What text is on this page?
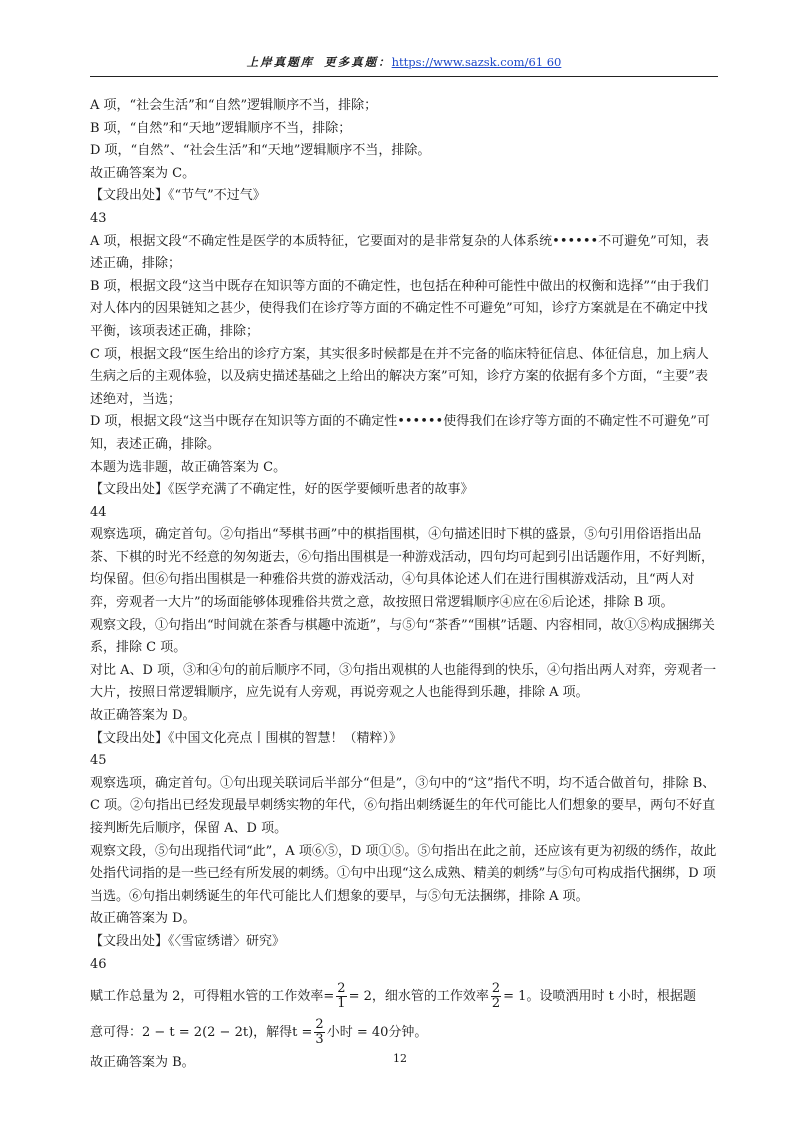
上岸真题库 更多真题：https://www.sazsk.com/61 60

A 项，“社会生活”和“自然”逻辑顺序不当，排除；

B 项，“自然”和“天地”逻辑顺序不当，排除；

D 项，“自然”、“社会生活”和“天地”逻辑顺序不当，排除。

故正确答案为 C。

【文段出处】《“节气”不过气》

43

A 项，根据文段“不确定性是医学的本质特征，它要面对的是非常复杂的人体系统••••••不可避免”可知，表述正确，排除；

B 项，根据文段“这当中既存在知识等方面的不确定性，也包括在种种可能性中做出的权衡和选择”“由于我们对人体内的因果链知之甚少，使得我们在诊疗等方面的不确定性不可避免”可知，诊疗方案就是在不确定中找平衡，该项表述正确，排除；

C 项，根据文段“医生给出的诊疗方案，其实很多时候都是在并不完备的临床特征信息、体征信息，加上病人生病之后的主观体验，以及病史描述基础之上给出的解决方案”可知，诊疗方案的依据有多个方面，“主要”表述绝对，当选；

D 项，根据文段“这当中既存在知识等方面的不确定性••••••使得我们在诊疗等方面的不确定性不可避免”可知，表述正确，排除。

本题为选非题，故正确答案为 C。

【文段出处】《医学充满了不确定性，好的医学要倾听患者的故事》

44

观察选项，确定首句。②句指出“琴棋书画”中的棋指围棋，④句描述旧时下棋的盛景，⑤句引用俗语指出品茶、下棋的时光不经意的匆匆逝去，⑥句指出围棋是一种游戏活动，四句均可起到引出话题作用，不好判断，均保留。但⑥句指出围棋是一种雅俗共赏的游戏活动，④句具体论述人们在进行围棋游戏活动，且“两人对弈，旁观者一大片”的场面能够体现雅俗共赏之意，故按照日常逻辑顺序④应在⑥后论述，排除 B 项。

观察文段，①句指出“时间就在茶香与棋趣中流逝”，与⑤句“茶香”“围棋”话题、内容相同，故①⑤构成捆绑关系，排除 C 项。

对比 A、D 项，③和④句的前后顺序不同，③句指出观棋的人也能得到的快乐，④句指出两人对弈，旁观者一大片，按照日常逻辑顺序，应先说有人旁观，再说旁观之人也能得到乐趣，排除 A 项。

故正确答案为 D。

【文段出处】《中国文化亮点丨围棋的智慧！（精粹）》

45

观察选项，确定首句。①句出现关联词后半部分“但是”，③句中的“这”指代不明，均不适合做首句，排除 B、C 项。②句指出已经发现最早刺绣实物的年代，⑥句指出刺绣诞生的年代可能比人们想象的要早，两句不好直接判断先后顺序，保留 A、D 项。

观察文段，⑤句出现指代词“此”，A 项⑥⑤，D 项①⑤。⑤句指出在此之前，还应该有更为初级的绣作，故此处指代词指的是一些已经有所发展的刺绣。①句中出现“这么成熟、精美的刺绣”与⑤句可构成指代捆绑，D 项当选。⑥句指出刺绣诞生的年代可能比人们想象的要早，与⑤句无法捆绑，排除 A 项。

故正确答案为 D。

【文段出处】《〈雪宧绣谱〉研究》

46

赋工作总量为 2，可得粗水管的工作效率= $\frac{2}{1} = 2$，细水管的工作效率 $\frac{2}{2} = 1$。设喷洒用时 t 小时，根据题

意可得：2 − t = 2(2 − 2t)，解得$t = \frac{2}{3}$ 小时 = 40分钟。

故正确答案为 B。	12
